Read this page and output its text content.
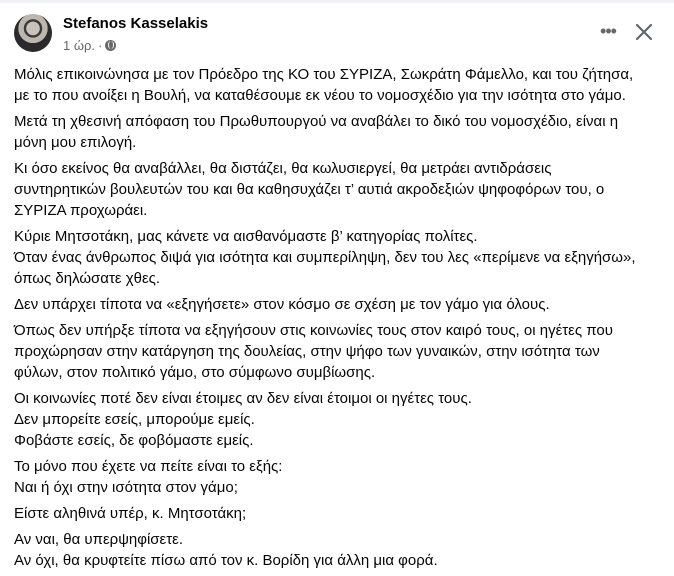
Stefanos Kasselakis
1 ώρ. ·
•••
Μόλις επικοινώνησα με τον Πρόεδρο της ΚΟ του ΣΥΡΙΖΑ, Σωκράτη Φάμελλο, και του ζήτησα,
με το που ανοίξει η Βουλή, να καταθέσουμε εκ νέου το νομοσχέδιο για την ισότητα στο γάμο.
Μετά τη χθεσινή απόφαση του Πρωθυπουργού να αναβάλει το δικό του νομοσχέδιο, είναι η
μόνη μου επιλογή.
Κι όσο εκείνος θα αναβάλλει, θα διστάζει, θα κωλυσιεργεί, θα μετράει αντιδράσεις
συντηρητικών βουλευτών του και θα καθησυχάζει τ’ αυτιά ακροδεξιών ψηφοφόρων του, ο
ΣΥΡΙΖΑ προχωράει.
Κύριε Μητσοτάκη, μας κάνετε να αισθανόμαστε β’ κατηγορίας πολίτες.
Όταν ένας άνθρωπος διψά για ισότητα και συμπερίληψη, δεν του λες «περίμενε να εξηγήσω»,
όπως δηλώσατε χθες.
Δεν υπάρχει τίποτα να «εξηγήσετε» στον κόσμο σε σχέση με τον γάμο για όλους.
Όπως δεν υπήρξε τίποτα να εξηγήσουν στις κοινωνίες τους στον καιρό τους, οι ηγέτες που
προχώρησαν στην κατάργηση της δουλείας, στην ψήφο των γυναικών, στην ισότητα των
φύλων, στον πολιτικό γάμο, στο σύμφωνο συμβίωσης.
Οι κοινωνίες ποτέ δεν είναι έτοιμες αν δεν είναι έτοιμοι οι ηγέτες τους.
Δεν μπορείτε εσείς, μπορούμε εμείς.
Φοβάστε εσείς, δε φοβόμαστε εμείς.
Το μόνο που έχετε να πείτε είναι το εξής:
Ναι ή όχι στην ισότητα στον γάμο;
Είστε αληθινά υπέρ, κ. Μητσοτάκη;
Αν ναι, θα υπερψηφίσετε.
Αν όχι, θα κρυφτείτε πίσω από τον κ. Βορίδη για άλλη μια φορά.
